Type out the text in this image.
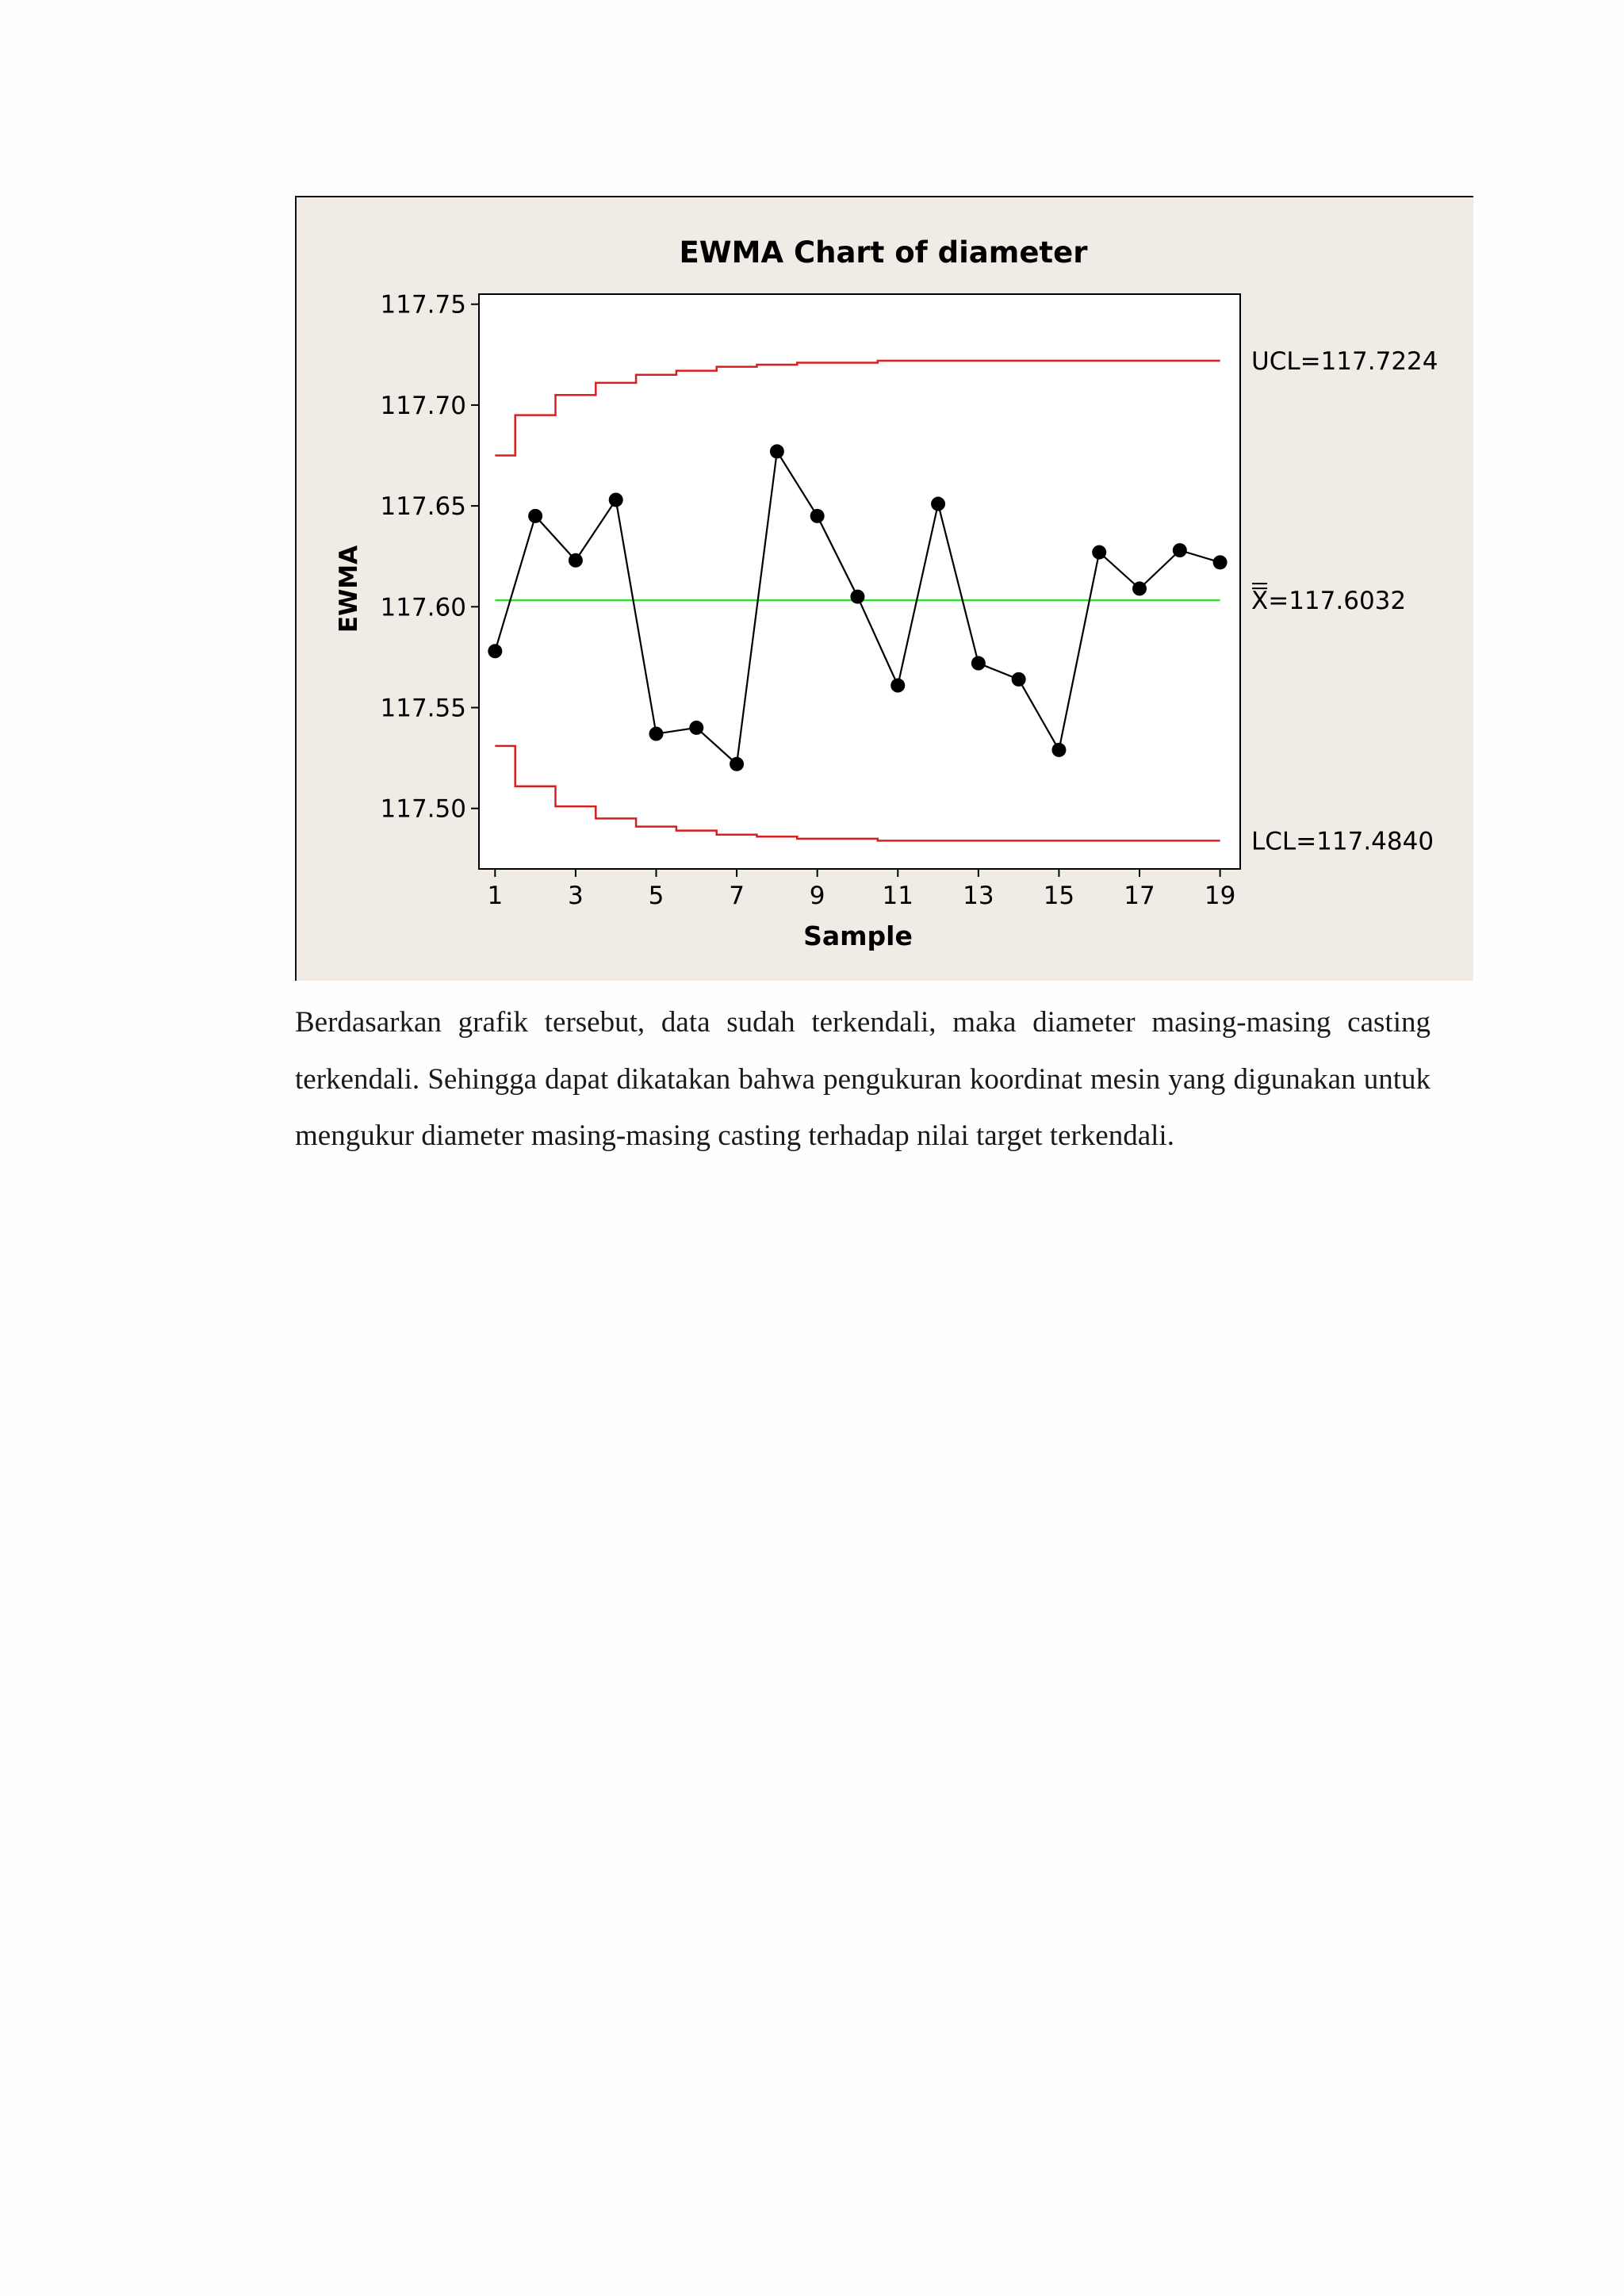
EWMA Chart of diameter
EWMA
Sample
117.50
117.55
117.60
117.65
117.70
117.75
1	3	5	7	9 11 13 15 17 19
UCL=117.7224
X=117.6032
LCL=117.4840

Berdasarkan grafik tersebut, data sudah terkendali, maka diameter masing-masing casting terkendali. Sehingga dapat dikatakan bahwa pengukuran koordinat mesin yang digunakan untuk mengukur diameter masing-masing casting terhadap nilai target terkendali.
